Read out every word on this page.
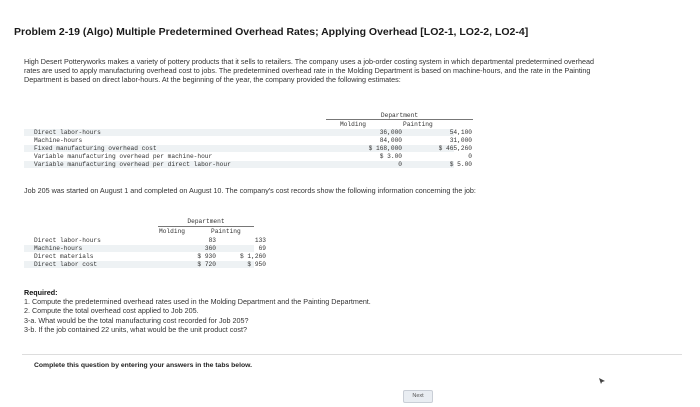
Problem 2-19 (Algo) Multiple Predetermined Overhead Rates; Applying Overhead [LO2-1, LO2-2, LO2-4]
High Desert Potteryworks makes a variety of pottery products that it sells to retailers. The company uses a job-order costing system in which departmental predetermined overhead rates are used to apply manufacturing overhead cost to jobs. The predetermined overhead rate in the Molding Department is based on machine-hours, and the rate in the Painting Department is based on direct labor-hours. At the beginning of the year, the company provided the following estimates:
Department
Molding	Painting
Direct labor-hours	36,000	54,100
Machine-hours	84,000	31,000
Fixed manufacturing overhead cost	$ 168,000	$ 465,260
Variable manufacturing overhead per machine-hour	$ 3.00	0
Variable manufacturing overhead per direct labor-hour	0	$ 5.00
Job 205 was started on August 1 and completed on August 10. The company's cost records show the following information concerning the job:
Department
Molding	Painting
Direct labor-hours	83	133
Machine-hours	360	69
Direct materials	$ 930	$ 1,260
Direct labor cost	$ 720	$ 950
Required:
1. Compute the predetermined overhead rates used in the Molding Department and the Painting Department.
2. Compute the total overhead cost applied to Job 205.
3-a. What would be the total manufacturing cost recorded for Job 205?
3-b. If the job contained 22 units, what would be the unit product cost?
Complete this question by entering your answers in the tabs below.
Next
